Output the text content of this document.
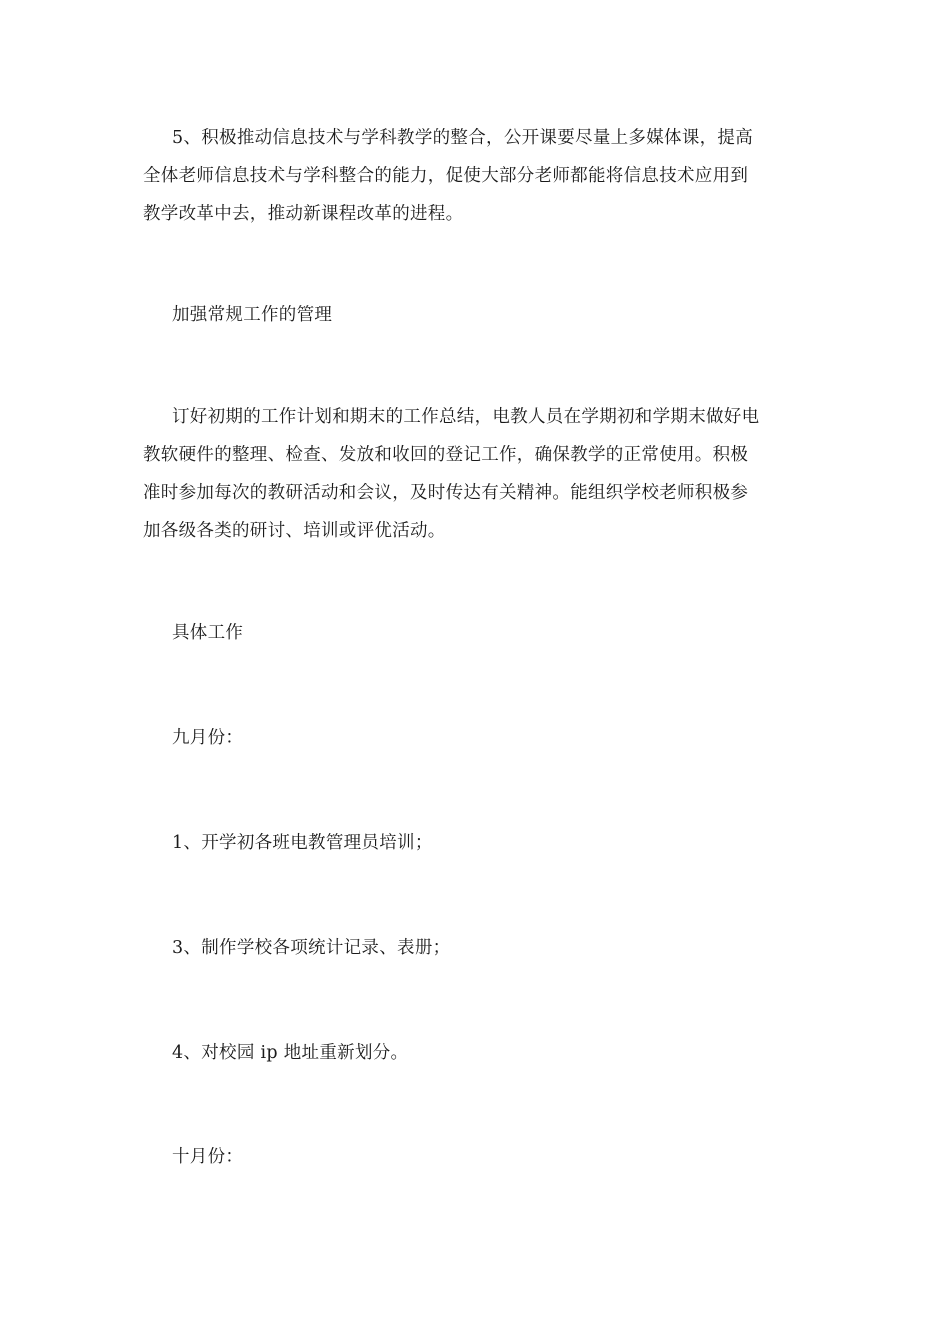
5、积极推动信息技术与学科教学的整合，公开课要尽量上多媒体课，提高
全体老师信息技术与学科整合的能力，促使大部分老师都能将信息技术应用到
教学改革中去，推动新课程改革的进程。
加强常规工作的管理
订好初期的工作计划和期末的工作总结，电教人员在学期初和学期末做好电
教软硬件的整理、检查、发放和收回的登记工作，确保教学的正常使用。积极
准时参加每次的教研活动和会议，及时传达有关精神。能组织学校老师积极参
加各级各类的研讨、培训或评优活动。
具体工作
九月份：
1、开学初各班电教管理员培训；
3、制作学校各项统计记录、表册；
4、对校园 ip 地址重新划分。
十月份：
